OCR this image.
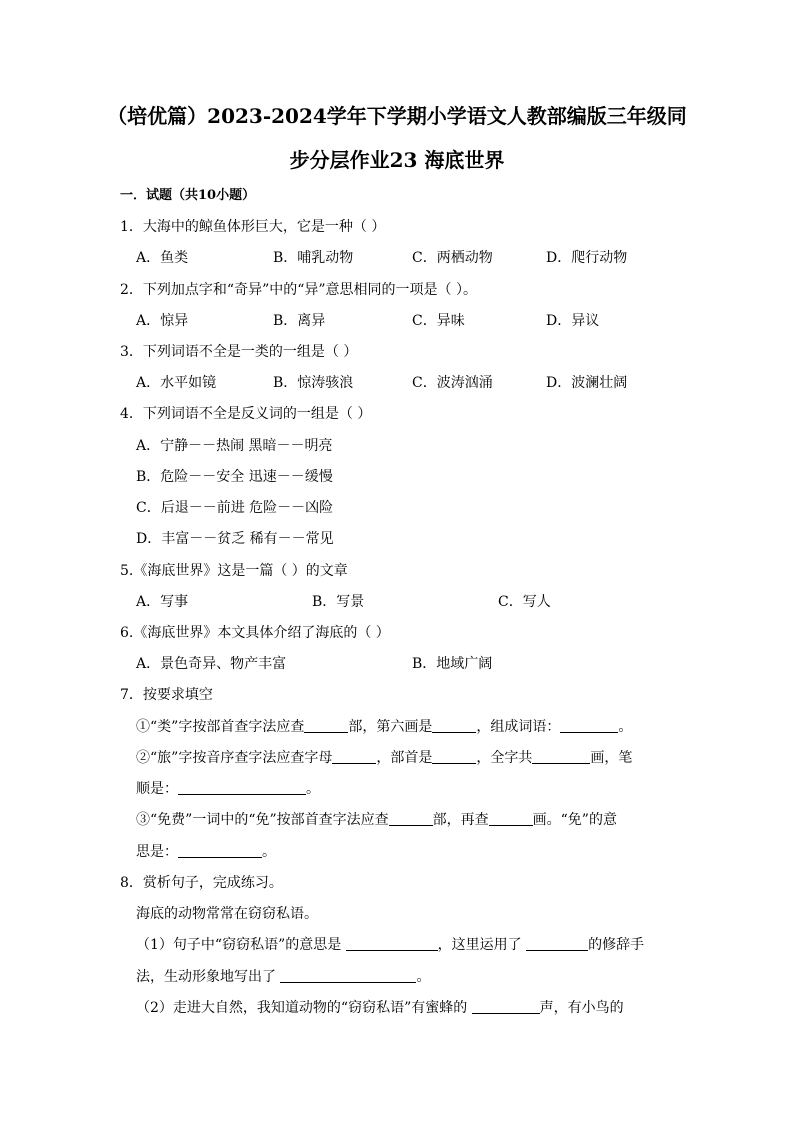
（培优篇）2023-2024学年下学期小学语文人教部编版三年级同
步分层作业23 海底世界
一．试题（共10小题）
1．大海中的鲸鱼体形巨大，它是一种（ ）
A．鱼类	B．哺乳动物	C．两栖动物	D．爬行动物
2．下列加点字和“奇异”中的“异”意思相同的一项是（ ）。
A．惊异	B．离异	C．异味	D．异议
3．下列词语不全是一类的一组是（ ）
A．水平如镜	B．惊涛骇浪	C．波涛汹涌	D．波澜壮阔
4．下列词语不全是反义词的一组是（ ）
A．宁静－－热闹 黑暗－－明亮
B．危险－－安全 迅速－－缓慢
C．后退－－前进 危险－－凶险
D．丰富－－贫乏 稀有－－常见
5.《海底世界》这是一篇（ ）的文章
A．写事	B．写景	C．写人
6.《海底世界》本文具体介绍了海底的（ ）
A．景色奇异、物产丰富	B．地域广阔
7．按要求填空
①“类”字按部首查字法应查	部，第六画是	，组成词语：	。
②“旅”字按音序查字法应查字母	，部首是	，全字共	画，笔
顺是：	。
③“免费”一词中的“免”按部首查字法应查	部，再查	画。“免”的意
思是：	。
8．赏析句子，完成练习。
海底的动物常常在窃窃私语。
（1）句子中“窃窃私语”的意思是	，这里运用了	的修辞手
法，生动形象地写出了	。
（2）走进大自然，我知道动物的“窃窃私语”有蜜蜂的	声，有小鸟的
